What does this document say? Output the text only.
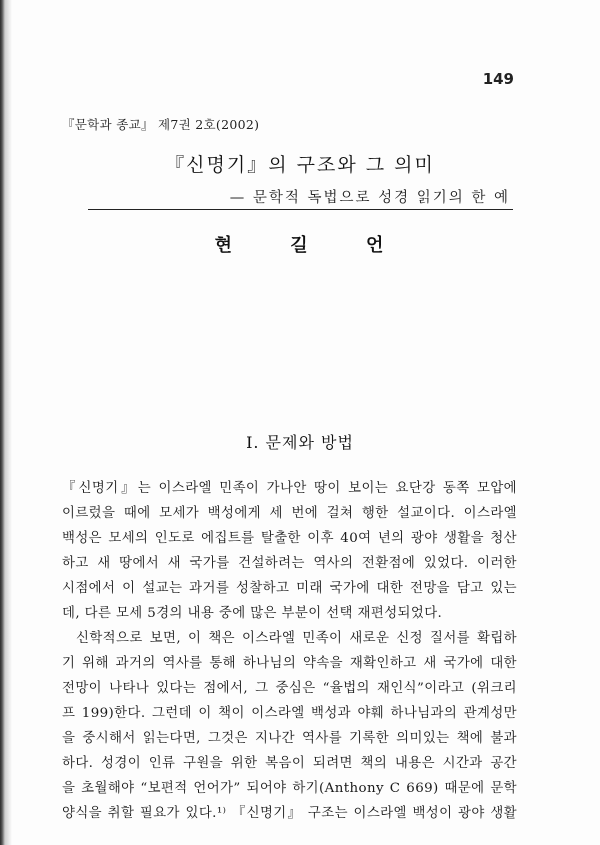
149
『문학과 종교』 제7권 2호(2002)
『신명기』의 구조와 그 의미
— 문학적 독법으로 성경 읽기의 한 예
현 길 언
I. 문제와 방법
『신명기』는 이스라엘 민족이 가나안 땅이 보이는 요단강 동쪽 모압에
이르렀을 때에 모세가 백성에게 세 번에 걸쳐 행한 설교이다. 이스라엘
백성은 모세의 인도로 에집트를 탈출한 이후 40여 년의 광야 생활을 청산
하고 새 땅에서 새 국가를 건설하려는 역사의 전환점에 있었다. 이러한
시점에서 이 설교는 과거를 성찰하고 미래 국가에 대한 전망을 담고 있는
데, 다른 모세 5경의 내용 중에 많은 부분이 선택 재편성되었다.
신학적으로 보면, 이 책은 이스라엘 민족이 새로운 신정 질서를 확립하
기 위해 과거의 역사를 통해 하나님의 약속을 재확인하고 새 국가에 대한
전망이 나타나 있다는 점에서, 그 중심은 “율법의 재인식”이라고 (위크리
프 199)한다. 그런데 이 책이 이스라엘 백성과 야훼 하나님과의 관계성만
을 중시해서 읽는다면, 그것은 지나간 역사를 기록한 의미있는 책에 불과
하다. 성경이 인류 구원을 위한 복음이 되려면 책의 내용은 시간과 공간
을 초월해야 “보편적 언어가” 되어야 하기(Anthony C 669) 때문에 문학
양식을 취할 필요가 있다.¹⁾ 『신명기』 구조는 이스라엘 백성이 광야 생활
